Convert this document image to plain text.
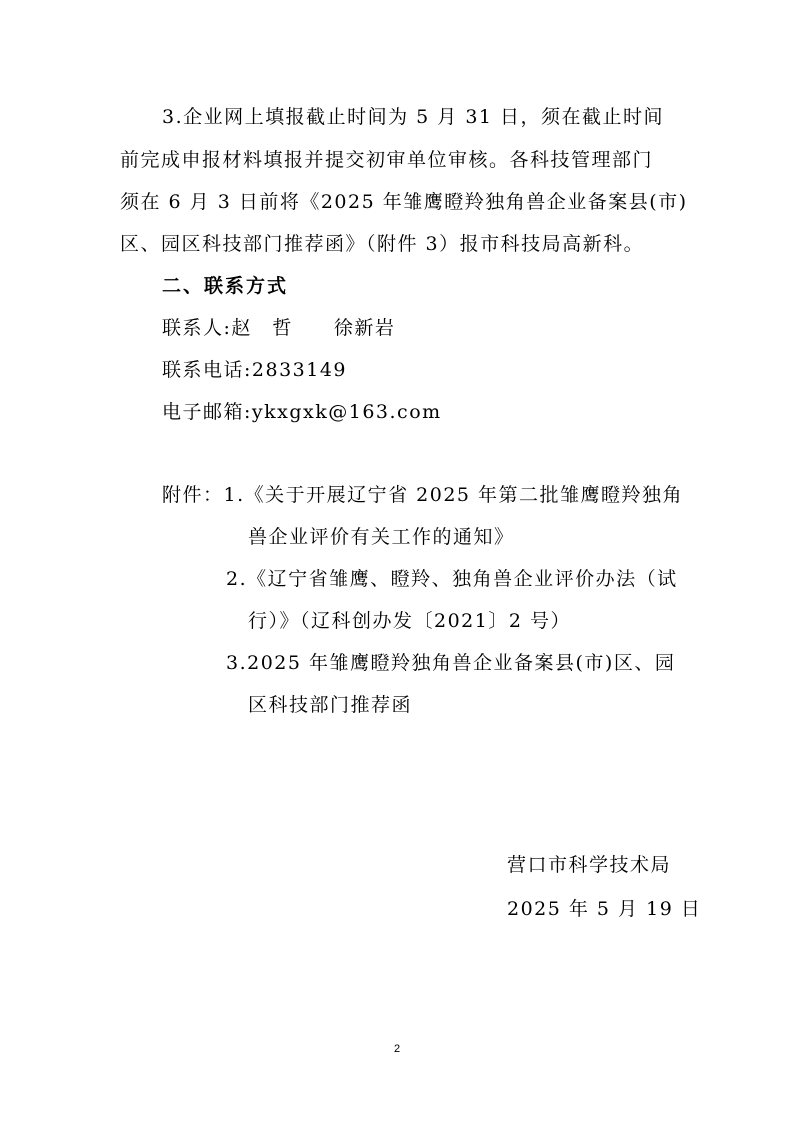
3.企业网上填报截止时间为 5 月 31 日，须在截止时间
前完成申报材料填报并提交初审单位审核。各科技管理部门
须在 6 月 3 日前将《2025 年雏鹰瞪羚独角兽企业备案县(市)
区、园区科技部门推荐函》（附件 3）报市科技局高新科。
二、联系方式
联系人:赵　哲　　徐新岩
联系电话:2833149
电子邮箱:ykxgxk@163.com
附件：1.《关于开展辽宁省 2025 年第二批雏鹰瞪羚独角
兽企业评价有关工作的通知》
2.《辽宁省雏鹰、瞪羚、独角兽企业评价办法（试
行）》（辽科创办发〔2021〕2 号）
3.2025 年雏鹰瞪羚独角兽企业备案县(市)区、园
区科技部门推荐函
营口市科学技术局
2025 年 5 月 19 日
2
